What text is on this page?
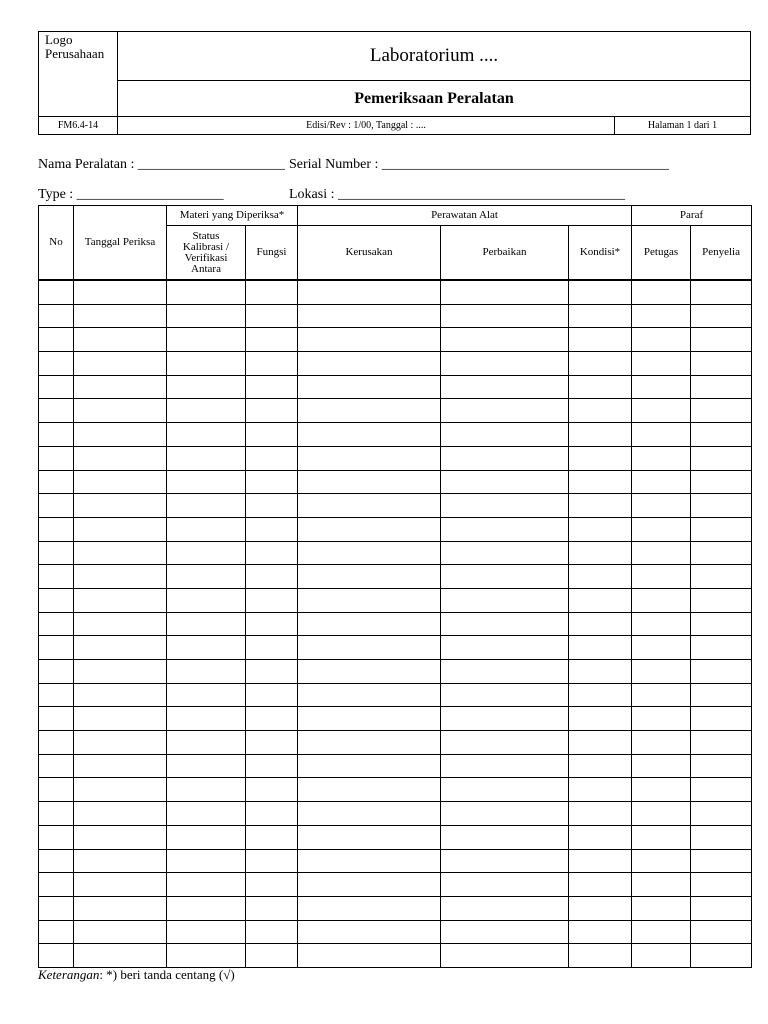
Logo
Perusahaan	Laboratorium ....
Pemeriksaan Peralatan
FM6.4-14	Edisi/Rev : 1/00, Tanggal : ....	Halaman 1 dari 1
Nama Peralatan : _____________________ Serial Number : _________________________________________
Type : _____________________	Lokasi : _________________________________________
No	Tanggal Periksa	Materi yang Diperiksa*		Perawatan Alat			Paraf	
		Status
Kalibrasi /
Verifikasi
Antara	Fungsi	Kerusakan	Perbaikan	Kondisi*	Petugas	Penyelia

Keterangan: *) beri tanda centang (√)
